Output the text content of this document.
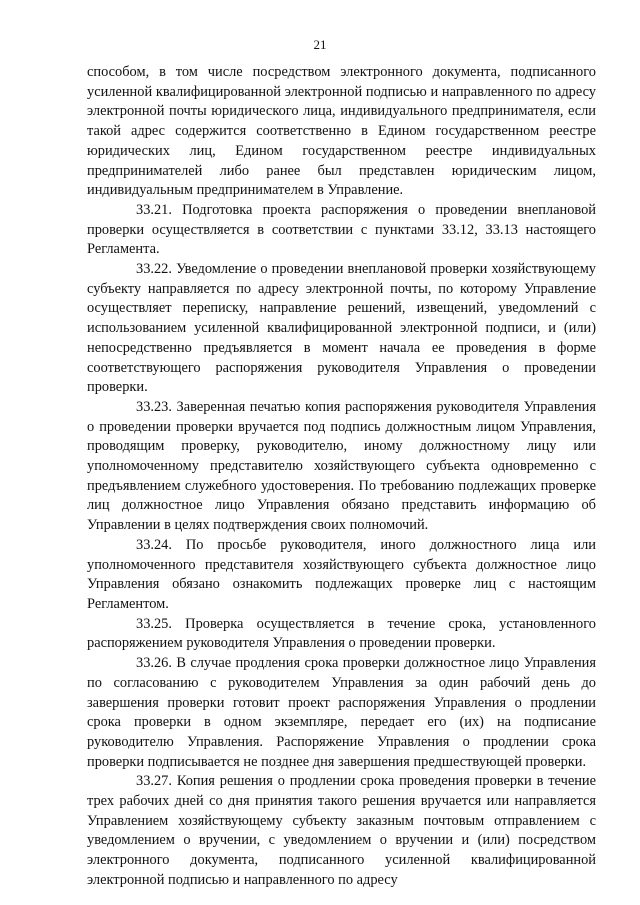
21

способом, в том числе посредством электронного документа, подписанного усиленной квалифицированной электронной подписью и направленного по адресу электронной почты юридического лица, индивидуального предпринимателя, если такой адрес содержится соответственно в Едином государственном реестре юридических лиц, Едином государственном реестре индивидуальных предпринимателей либо ранее был представлен юридическим лицом, индивидуальным предпринимателем в Управление.

33.21. Подготовка проекта распоряжения о проведении внеплановой проверки осуществляется в соответствии с пунктами 33.12, 33.13 настоящего Регламента.

33.22. Уведомление о проведении внеплановой проверки хозяйствующему субъекту направляется по адресу электронной почты, по которому Управление осуществляет переписку, направление решений, извещений, уведомлений с использованием усиленной квалифицированной электронной подписи, и (или) непосредственно предъявляется в момент начала ее проведения в форме соответствующего распоряжения руководителя Управления о проведении проверки.

33.23. Заверенная печатью копия распоряжения руководителя Управления о проведении проверки вручается под подпись должностным лицом Управления, проводящим проверку, руководителю, иному должностному лицу или уполномоченному представителю хозяйствующего субъекта одновременно с предъявлением служебного удостоверения. По требованию подлежащих проверке лиц должностное лицо Управления обязано представить информацию об Управлении в целях подтверждения своих полномочий.

33.24. По просьбе руководителя, иного должностного лица или уполномоченного представителя хозяйствующего субъекта должностное лицо Управления обязано ознакомить подлежащих проверке лиц с настоящим Регламентом.

33.25. Проверка осуществляется в течение срока, установленного распоряжением руководителя Управления о проведении проверки.

33.26. В случае продления срока проверки должностное лицо Управления по согласованию с руководителем Управления за один рабочий день до завершения проверки готовит проект распоряжения Управления о продлении срока проверки в одном экземпляре, передает его (их) на подписание руководителю Управления. Распоряжение Управления о продлении срока проверки подписывается не позднее дня завершения предшествующей проверки.

33.27. Копия решения о продлении срока проведения проверки в течение трех рабочих дней со дня принятия такого решения вручается или направляется Управлением хозяйствующему субъекту заказным почтовым отправлением с уведомлением о вручении, с уведомлением о вручении и (или) посредством электронного документа, подписанного усиленной квалифицированной электронной подписью и направленного по адресу
